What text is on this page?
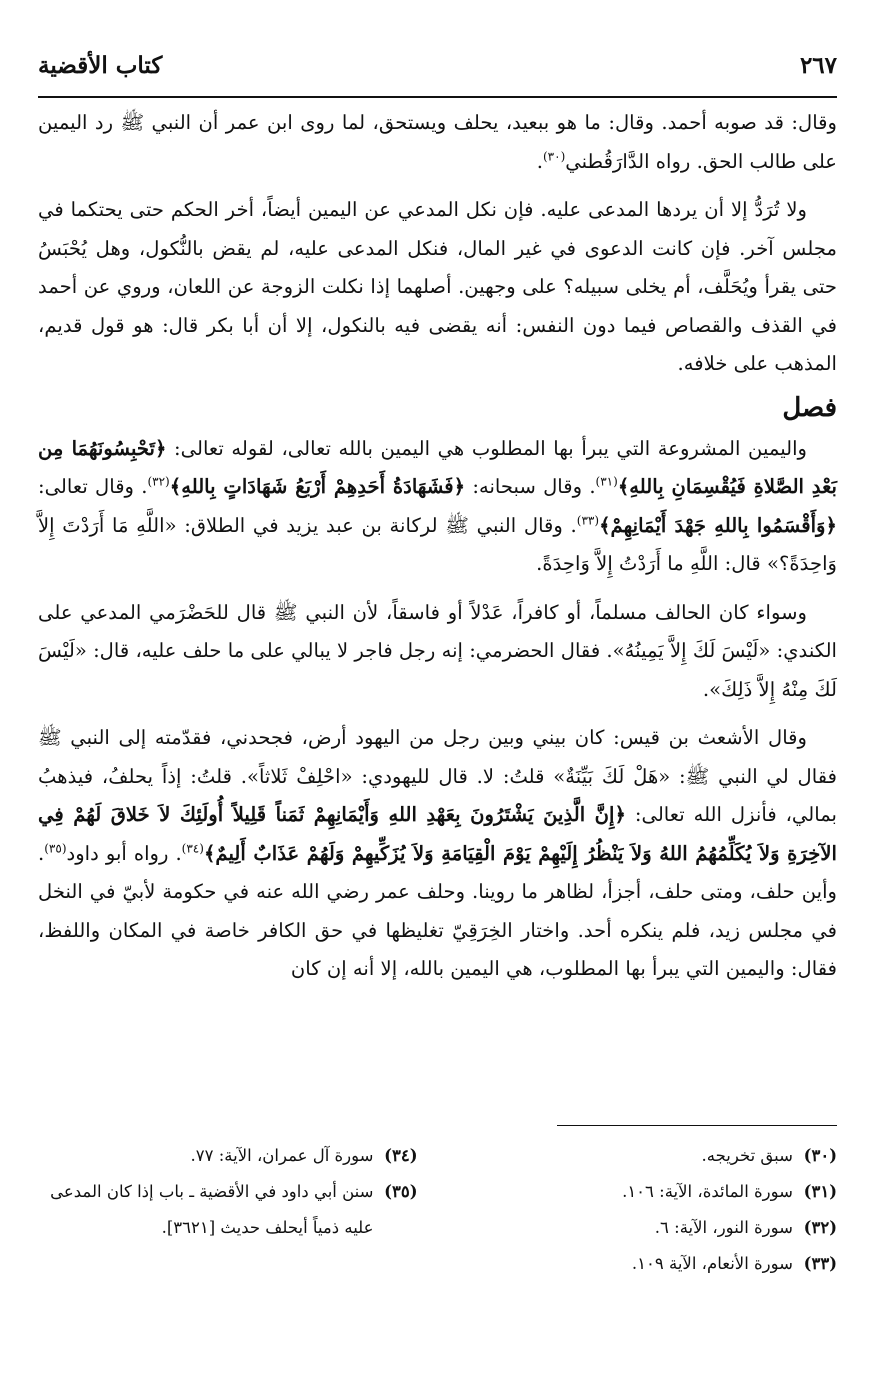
كتاب الأقضية	٢٦٧

وقال: قد صوبه أحمد. وقال: ما هو ببعيد، يحلف ويستحق، لما روى ابن عمر أن النبي ﷺ رد اليمين على طالب الحق. رواه الدَّارَقُطني$^{(٣٠)}$.

ولا تُرَدُّ إلا أن يردها المدعى عليه. فإن نكل المدعي عن اليمين أيضاً، أخر الحكم حتى يحتكما في مجلس آخر. فإن كانت الدعوى في غير المال، فنكل المدعى عليه، لم يقض بالنُّكول، وهل يُحْبَسُ حتى يقرأ ويُحَلَّف، أم يخلى سبيله؟ على وجهين. أصلهما إذا نكلت الزوجة عن اللعان، وروي عن أحمد في القذف والقصاص فيما دون النفس: أنه يقضى فيه بالنكول، إلا أن أبا بكر قال: هو قول قديم، المذهب على خلافه.

فصل

واليمين المشروعة التي يبرأ بها المطلوب هي اليمين بالله تعالى، لقوله تعالى: ﴿تَحْبِسُونَهُمَا مِن بَعْدِ الصَّلاةِ فَيُقْسِمَانِ بِاللهِ﴾$^{(٣١)}$. وقال سبحانه: ﴿فَشَهَادَةُ أَحَدِهِمْ أَرْبَعُ شَهَادَاتٍ بِاللهِ﴾$^{(٣٢)}$. وقال تعالى: ﴿وَأَقْسَمُوا بِاللهِ جَهْدَ أَيْمَانِهِمْ﴾$^{(٣٣)}$. وقال النبي ﷺ لركانة بن عبد يزيد في الطلاق: «اللَّهِ مَا أَرَدْتَ إِلاَّ وَاحِدَةً؟» قال: اللَّهِ ما أَرَدْتُ إِلاَّ وَاحِدَةً.

وسواء كان الحالف مسلماً، أو كافراً، عَدْلاً أو فاسقاً، لأن النبي ﷺ قال للحَضْرَمي المدعي على الكندي: «لَيْسَ لَكَ إِلاَّ يَمِينُهُ». فقال الحضرمي: إنه رجل فاجر لا يبالي على ما حلف عليه، قال: «لَيْسَ لَكَ مِنْهُ إِلاَّ ذَلِكَ».

وقال الأشعث بن قيس: كان بيني وبين رجل من اليهود أرض، فجحدني، فقدّمته إلى النبي ﷺ فقال لي النبي ﷺ: «هَلْ لَكَ بَيِّنَةٌ» قلتُ: لا. قال لليهودي: «احْلِفْ ثَلاثاً». قلتُ: إذاً يحلفُ، فيذهبُ بمالي، فأنزل الله تعالى: ﴿إِنَّ الَّذِينَ يَشْتَرُونَ بِعَهْدِ اللهِ وَأَيْمَانِهِمْ ثَمَناً قَلِيلاً أُولَئِكَ لاَ خَلاقَ لَهُمْ فِي الآخِرَةِ وَلاَ يُكَلِّمُهُمُ اللهُ وَلاَ يَنْظُرُ إِلَيْهِمْ يَوْمَ الْقِيَامَةِ وَلاَ يُزَكِّيهِمْ وَلَهُمْ عَذَابٌ أَلِيمٌ﴾$^{(٣٤)}$. رواه أبو داود$^{(٣٥)}$. وأين حلف، ومتى حلف، أجزأ، لظاهر ما روينا. وحلف عمر رضي الله عنه في حكومة لأبيّ في النخل في مجلس زيد، فلم ينكره أحد. واختار الخِرَقِيّ تغليظها في حق الكافر خاصة في المكان واللفظ، فقال: واليمين التي يبرأ بها المطلوب، هي اليمين بالله، إلا أنه إن كان

(٣٠)
سبق تخريجه.
(٣١)
سورة المائدة، الآية: ١٠٦.
(٣٢)
سورة النور، الآية: ٦.
(٣٣)
سورة الأنعام، الآية ١٠٩.
(٣٤)
سورة آل عمران، الآية: ٧٧.
(٣٥)
سنن أبي داود في الأقضية ـ باب إذا كان المدعى عليه ذمياً أيحلف حديث [٣٦٢١].
